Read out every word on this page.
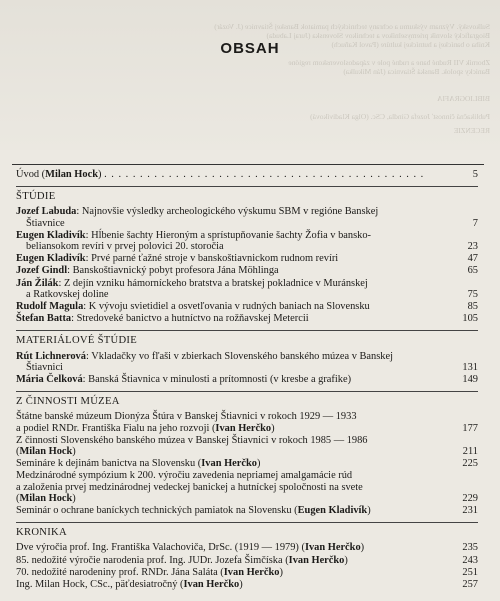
Sulkovský. Význam výskumu a ochrany technických pamiatok Banskej Štiavnice (J. Vozár)
Biografický slovník priemyselníkov a technikov Slovenska (Juraj Labuda)
Kniha o baníckej a hutníckej kultúre (Pavol Kaňuch)
Zborník VII Rudné bane a rudné pole v západoslovenskom regióne
Banícky spolok. Banská Štiavnica (Ján Mikulka)
BIBLIOGRAFIA
Publikačná činnosť Jozefa Gindla, CSc. (Olga Kladivíková)
RECENZIE
OBSAH
Úvod (Milan Hock) . . . . . . . . . . . . . . . . . . . . . . . . . . . . . . . . . . . . . . . . . . . . .	5
ŠTÚDIE
Jozef Labuda: Najnovšie výsledky archeologického výskumu SBM v regióne Banskej
Štiavnice	7
Eugen Kladivík: Hĺbenie šachty Hieroným a sprístupňovanie šachty Žofia v bansko-
beliansokom revíri v prvej polovici 20. storočia	23
Eugen Kladivík: Prvé parné ťažné stroje v banskoštiavnickom rudnom revíri	47
Jozef Gindl: Banskoštiavnický pobyt profesora Jána Möhlinga	65
Ján Žilák: Z dejín vzniku hámorníckeho bratstva a bratskej pokladnice v Muránskej
a Ratkovskej doline	75
Rudolf Magula: K vývoju svietidiel a osvetľovania v rudných baniach na Slovensku	85
Štefan Batta: Stredoveké banictvo a hutníctvo na rožňavskej Meterciі	105
MATERIÁLOVÉ ŠTÚDIE
Rút Lichnerová: Vkladačky vo fľaši v zbierkach Slovenského banského múzea v Banskej
Štiavnici	131
Mária Čelková: Banská Štiavnica v minulosti a prítomnosti (v kresbe a grafike)	149
Z ČINNOSTI MÚZEA
Štátne banské múzeum Dionýza Štúra v Banskej Štiavnici v rokoch 1929 — 1933
a podiel RNDr. Františka Fialu na jeho rozvoji (Ivan Herčko)	177
Z činnosti Slovenského banského múzea v Banskej Štiavnici v rokoch 1985 — 1986
(Milan Hock)	211
Semináre k dejinám banictva na Slovensku (Ivan Herčko)	225
Medzinárodné sympózium k 200. výročiu zavedenia nepriamej amalgamácie rúd
a založenia prvej medzinárodnej vedeckej banickej a hutníckej spoločnosti na svete
(Milan Hock)	229
Seminár o ochrane baníckych technických pamiatok na Slovensku (Eugen Kladivík)	231
KRONIKA
Dve výročia prof. Ing. Františka Valachoviča, DrSc. (1919 — 1979) (Ivan Herčko)	235
85. nedožité výročie narodenia prof. Ing. JUDr. Jozefa Šimčíska (Ivan Herčko)	243
70. nedožité narodeniny prof. RNDr. Jána Saláta (Ivan Herčko)	251
Ing. Milan Hock, CSc., päťdesiatročný (Ivan Herčko)	257
